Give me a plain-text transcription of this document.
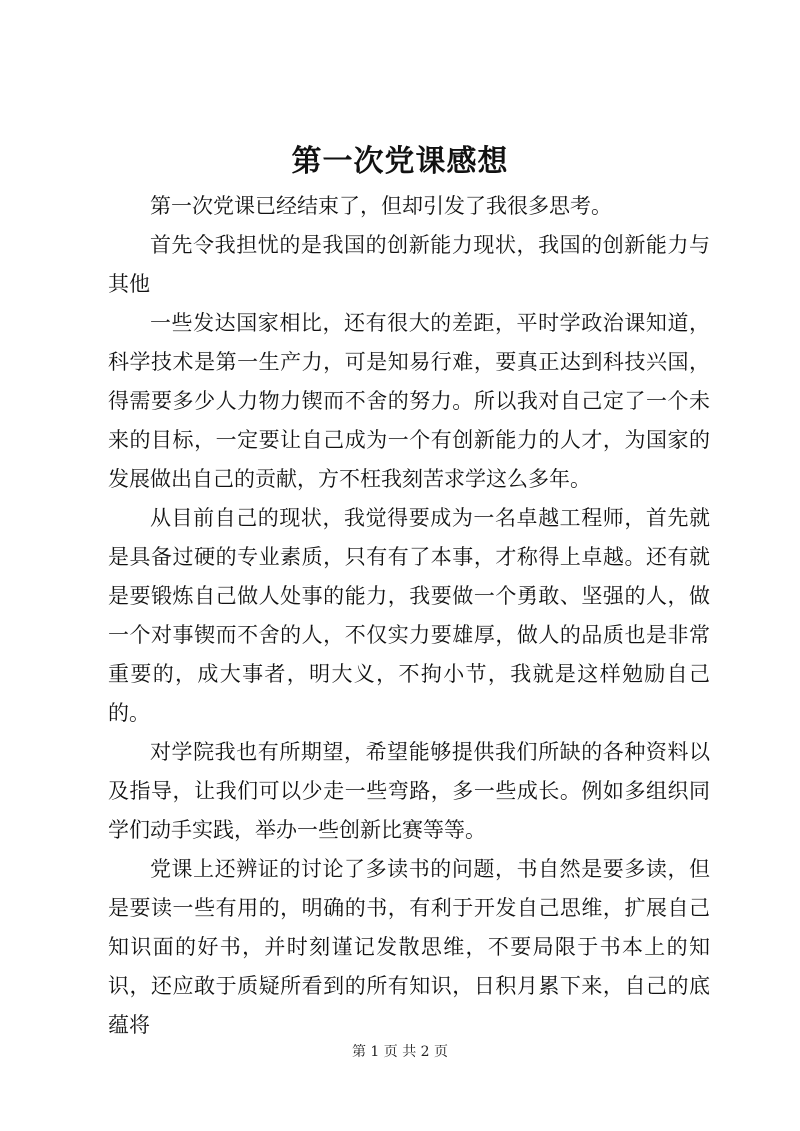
第一次党课感想

第一次党课已经结束了，但却引发了我很多思考。

首先令我担忧的是我国的创新能力现状，我国的创新能力与其他

一些发达国家相比，还有很大的差距，平时学政治课知道，科学技术是第一生产力，可是知易行难，要真正达到科技兴国，得需要多少人力物力锲而不舍的努力。所以我对自己定了一个未来的目标，一定要让自己成为一个有创新能力的人才，为国家的发展做出自己的贡献，方不枉我刻苦求学这么多年。

从目前自己的现状，我觉得要成为一名卓越工程师，首先就是具备过硬的专业素质，只有有了本事，才称得上卓越。还有就是要锻炼自己做人处事的能力，我要做一个勇敢、坚强的人，做一个对事锲而不舍的人，不仅实力要雄厚，做人的品质也是非常重要的，成大事者，明大义，不拘小节，我就是这样勉励自己的。

对学院我也有所期望，希望能够提供我们所缺的各种资料以及指导，让我们可以少走一些弯路，多一些成长。例如多组织同学们动手实践，举办一些创新比赛等等。

党课上还辨证的讨论了多读书的问题，书自然是要多读，但是要读一些有用的，明确的书，有利于开发自己思维，扩展自己知识面的好书，并时刻谨记发散思维，不要局限于书本上的知识，还应敢于质疑所看到的所有知识，日积月累下来，自己的底蕴将

第 1 页 共 2 页
